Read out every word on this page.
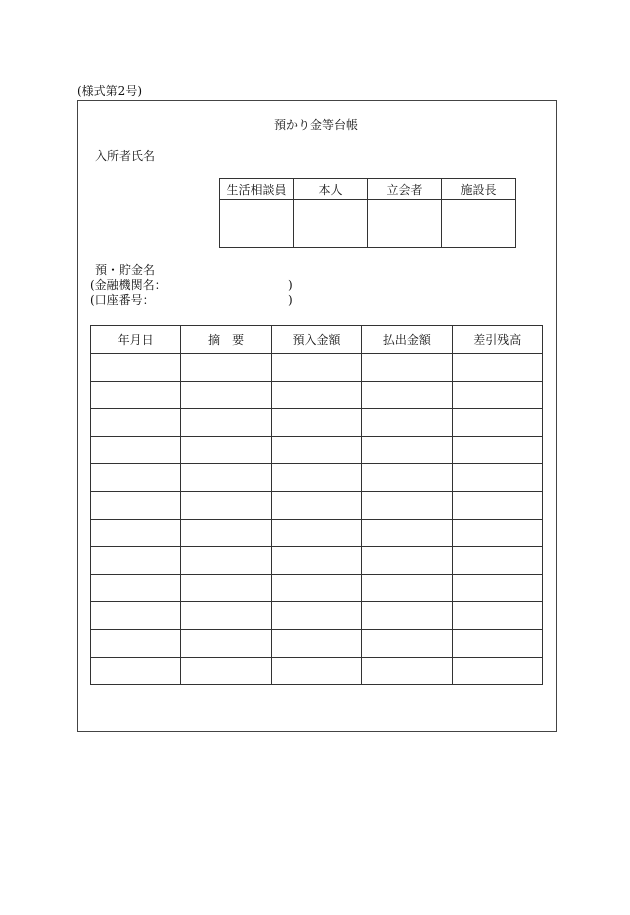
(様式第2号)
預かり金等台帳
入所者氏名
生活相談員	本人	立会者	施設長

預・貯金名
(金融機関名：	)
(口座番号：	)
年月日	摘　要	預入金額	払出金額	差引残高
